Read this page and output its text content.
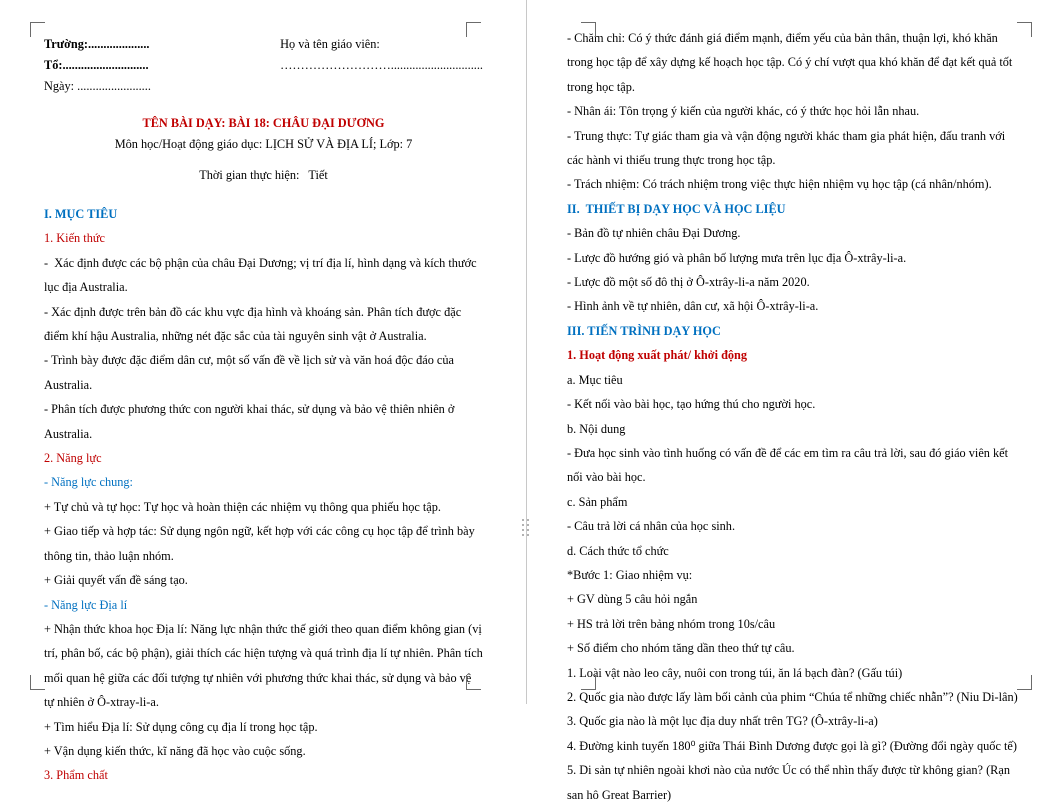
Trường:....................

Tổ:............................

Ngày: ........................

Họ và tên giáo viên:

………………………..............................

TÊN BÀI DẠY: BÀI 18: CHÂU ĐẠI DƯƠNG

Môn học/Hoạt động giáo dục: LỊCH SỬ VÀ ĐỊA LÍ; Lớp: 7

Thời gian thực hiện:   Tiết

I. MỤC TIÊU

1. Kiến thức

-  Xác định được các bộ phận của châu Đại Dương; vị trí địa lí, hình dạng và kích thước lục địa Australia.

- Xác định được trên bản đồ các khu vực địa hình và khoáng sản. Phân tích được đặc điểm khí hậu Australia, những nét đặc sắc của tài nguyên sinh vật ở Australia.

- Trình bày được đặc điểm dân cư, một số vấn đề về lịch sử và văn hoá độc đáo của Australia.

- Phân tích được phương thức con người khai thác, sử dụng và bảo vệ thiên nhiên ở Australia.

2. Năng lực

- Năng lực chung:

+ Tự chủ và tự học: Tự học và hoàn thiện các nhiệm vụ thông qua phiếu học tập.

+ Giao tiếp và hợp tác: Sử dụng ngôn ngữ, kết hợp với các công cụ học tập để trình bày thông tin, thảo luận nhóm.

+ Giải quyết vấn đề sáng tạo.

- Năng lực Địa lí

+ Nhận thức khoa học Địa lí: Năng lực nhận thức thế giới theo quan điểm không gian (vị trí, phân bố, các bộ phận), giải thích các hiện tượng và quá trình địa lí tự nhiên. Phân tích mối quan hệ giữa các đối tượng tự nhiên với phương thức khai thác, sử dụng và bảo vệ tự nhiên ở Ô-xtray-li-a.

+ Tìm hiểu Địa lí: Sử dụng công cụ địa lí trong học tập.

+ Vận dụng kiến thức, kĩ năng đã học vào cuộc sống.

3. Phẩm chất

- Chăm chỉ: Có ý thức đánh giá điểm mạnh, điểm yếu của bản thân, thuận lợi, khó khăn trong học tập để xây dựng kế hoạch học tập. Có ý chí vượt qua khó khăn để đạt kết quả tốt trong học tập.

- Nhân ái: Tôn trọng ý kiến của người khác, có ý thức học hỏi lẫn nhau.

- Trung thực: Tự giác tham gia và vận động người khác tham gia phát hiện, đấu tranh với các hành vi thiếu trung thực trong học tập.

- Trách nhiệm: Có trách nhiệm trong việc thực hiện nhiệm vụ học tập (cá nhân/nhóm).

II.  THIẾT BỊ DẠY HỌC VÀ HỌC LIỆU

- Bản đồ tự nhiên châu Đại Dương.

- Lược đồ hướng gió và phân bố lượng mưa trên lục địa Ô-xtrây-li-a.

- Lược đồ một số đô thị ở Ô-xtrây-li-a năm 2020.

- Hình ảnh về tự nhiên, dân cư, xã hội Ô-xtrây-li-a.

III. TIẾN TRÌNH DẠY HỌC

1. Hoạt động xuất phát/ khởi động

a. Mục tiêu

- Kết nối vào bài học, tạo hứng thú cho người học.

b. Nội dung

- Đưa học sinh vào tình huống có vấn đề để các em tìm ra câu trả lời, sau đó giáo viên kết nối vào bài học.

c. Sản phẩm

- Câu trả lời cá nhân của học sinh.

d. Cách thức tổ chức

*Bước 1: Giao nhiệm vụ:

+ GV dùng 5 câu hỏi ngắn

+ HS trả lời trên bảng nhóm trong 10s/câu

+ Số điểm cho nhóm tăng dần theo thứ tự câu.

1. Loài vật nào leo cây, nuôi con trong túi, ăn lá bạch đàn? (Gấu túi)

2. Quốc gia nào được lấy làm bối cảnh của phim “Chúa tể những chiếc nhẫn”? (Niu Di-lân)

3. Quốc gia nào là một lục địa duy nhất trên TG? (Ô-xtrây-li-a)

4. Đường kinh tuyến 180⁰ giữa Thái Bình Dương được gọi là gì? (Đường đổi ngày quốc tế)

5. Di sản tự nhiên ngoài khơi nào của nước Úc có thể nhìn thấy được từ không gian? (Rạn san hô Great Barrier)
